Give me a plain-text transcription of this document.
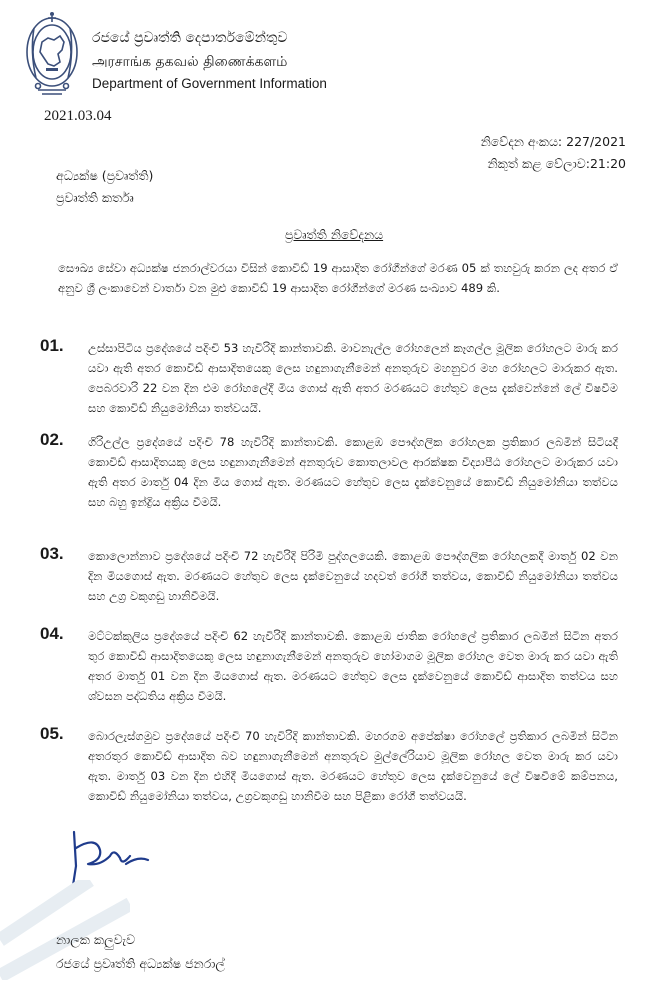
රජයේ ප්‍රවෘත්ති දෙපාර්තමේන්තුව
அரசாங்க தகவல் திணைக்களம்
Department of Government Information
2021.03.04
නිවේදන අංකය: 227/2021
නිකුත් කළ වේලාව:21:20
අධ්‍යක්ෂ (ප්‍රවෘත්ති)
ප්‍රවෘත්ති කර්තෘ
ප්‍රවෘත්ති නිවේදනය
සෞඛ්‍ය සේවා අධ්‍යක්ෂ ජනරාල්වරයා විසින් කොවිඩ් 19 ආසාදිත රෝගීන්ගේ මරණ 05 ක් තහවුරු කරන ලද අතර ඒ අනුව ශ්‍රී ලංකාවෙන් වාර්තා වන මුළු කොවිඩ් 19 ආසාදිත රෝගීන්ගේ මරණ සංඛ්‍යාව 489 කි.
01. උස්සාපිටිය ප්‍රදේශයේ පදිංචි 53 හැවිරිදි කාන්තාවකි. මාවනැල්ල රෝහලෙන් කෑගල්ල මූලික රෝහලට මාරු කර යවා ඇති අතර කොවිඩ් ආසාදිතයෙකු ලෙස හඳුනාගැනීමෙන් අනතුරුව මහනුවර මහ රෝහලට මාරුකර ඇත. පෙබරවාරි 22 වන දින එම රෝහලේදී මිය ගොස් ඇති අතර මරණයට හේතුව ලෙස දැක්වෙන්නේ ලේ විෂවීම සහ කොවිඩ් නියුමෝනියා තත්වයයි.
02. ගිරිඋල්ල ප්‍රදේශයේ පදිංචි 78 හැවිරිදි කාන්තාවකි. කොළඹ පෞද්ගලික රෝහලක ප්‍රතිකාර ලබමින් සිටියදී කොවිඩ් ආසාදිතයකු ලෙස හඳුනාගැනීමෙන් අනතුරුව කොතලාවල ආරක්ෂක විද්‍යාපීඨ රෝහලට මාරුකර යවා ඇති අතර මාර්තු 04 දින මිය ගොස් ඇත. මරණයට හේතුව ලෙස දැක්වෙනුයේ කොවිඩ් නියුමෝනියා තත්වය සහ බහු ඉන්ද්‍රිය අක්‍රිය වීමයි.
03. කොලොන්නාව ප්‍රදේශයේ පදිංචි 72 හැවිරිදි පිරිමි පුද්ගලයෙකි. කොළඹ පෞද්ගලික රෝහලකදී මාර්තු 02 වන දින මියගොස් ඇත. මරණයට හේතුව ලෙස දැක්වෙනුයේ හදවත් රෝගී තත්වය, කොවිඩ් නියුමෝනියා තත්වය සහ උග්‍ර වකුගඩු හානිවීමයි.
04. මට්ටක්කුලිය ප්‍රදේශයේ පදිංචි 62 හැවිරිදි කාන්තාවකි. කොළඹ ජාතික රෝහලේ ප්‍රතිකාර ලබමින් සිටින අතර තුර කොවිඩ් ආසාදිතයෙකු ලෙස හඳුනාගැනීමෙන් අනතුරුව හෝමාගම මූලික රෝහල වෙත මාරු කර යවා ඇති අතර මාර්තු 01 වන දින මියගොස් ඇත. මරණයට හේතුව ලෙස දැක්වෙනුයේ කොවිඩ් ආසාදිත තත්වය සහ ශ්වසන පද්ධතිය අක්‍රිය වීමයි.
05. බොරලැස්ගමුව ප්‍රදේශයේ පදිංචි 70 හැවිරිදි කාන්තාවකි. මහරගම අපේක්ෂා රෝහලේ ප්‍රතිකාර ලබමින් සිටින අතරතුර කොවිඩ් ආසාදිත බව හඳුනාගැනීමෙන් අනතුරුව මුල්ලේරියාව මූලික රෝහල වෙත මාරු කර යවා ඇත. මාර්තු 03 වන දින එහිදී මියගොස් ඇත. මරණයට හේතුව ලෙස දැක්වෙනුයේ ලේ විෂවීමේ කම්පනය, කොවිඩ් නියුමෝනියා තත්වය, උග්‍රවකුගඩු හානිවීම සහ පිළිකා රෝගී තත්වයයි.
නාලක කලුවැව
රජයේ ප්‍රවෘත්ති අධ්‍යක්ෂ ජනරාල්
